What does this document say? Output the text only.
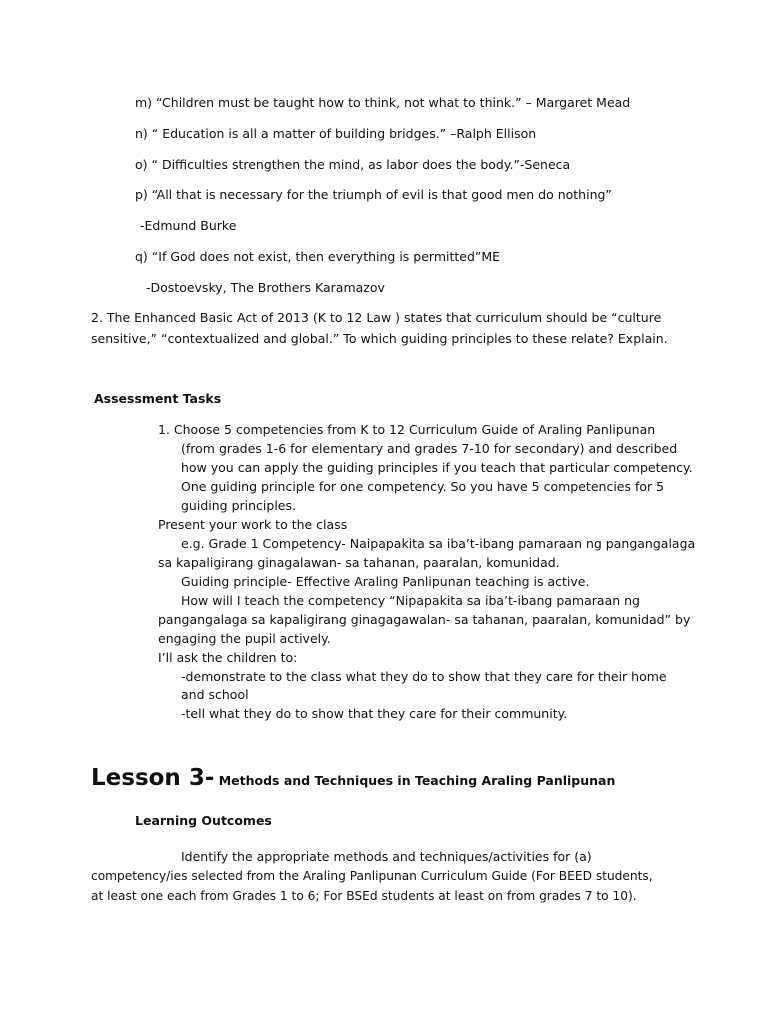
m) “Children must be taught how to think, not what to think.” – Margaret Mead
n) “ Education is all a matter of building bridges.” –Ralph Ellison
o) “ Difficulties strengthen the mind, as labor does the body.”-Seneca
p) “All that is necessary for the triumph of evil is that good men do nothing”
-Edmund Burke
q) “If God does not exist, then everything is permitted”ME
-Dostoevsky, The Brothers Karamazov
2. The Enhanced Basic Act of 2013 (K to 12 Law ) states that curriculum should be “culture
sensitive,” “contextualized and global.” To which guiding principles to these relate? Explain.
Assessment Tasks
1. Choose 5 competencies from K to 12 Curriculum Guide of Araling Panlipunan
(from grades 1-6 for elementary and grades 7-10 for secondary) and described
how you can apply the guiding principles if you teach that particular competency.
One guiding principle for one competency. So you have 5 competencies for 5
guiding principles.
Present your work to the class
e.g. Grade 1 Competency- Naipapakita sa iba’t-ibang pamaraan ng pangangalaga
sa kapaligirang ginagalawan- sa tahanan, paaralan, komunidad.
Guiding principle- Effective Araling Panlipunan teaching is active.
How will I teach the competency “Nipapakita sa iba’t-ibang pamaraan ng
pangangalaga sa kapaligirang ginagagawalan- sa tahanan, paaralan, komunidad” by
engaging the pupil actively.
I’ll ask the children to:
-demonstrate to the class what they do to show that they care for their home
and school
-tell what they do to show that they care for their community.
Lesson 3- Methods and Techniques in Teaching Araling Panlipunan
Learning Outcomes
Identify the appropriate methods and techniques/activities for (a)
competency/ies selected from the Araling Panlipunan Curriculum Guide (For BEED students,
at least one each from Grades 1 to 6; For BSEd students at least on from grades 7 to 10).
